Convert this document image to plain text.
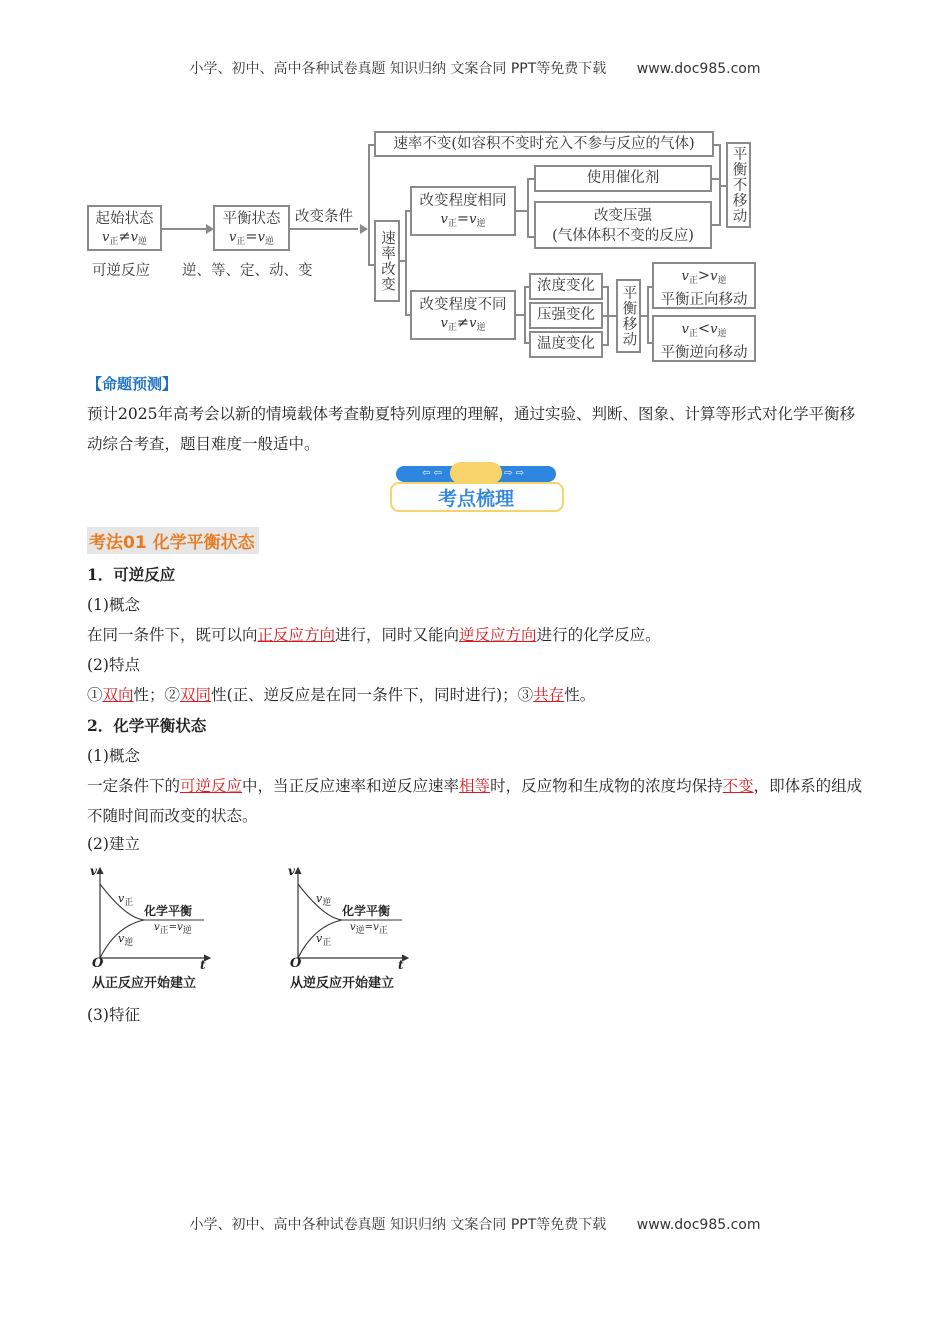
小学、初中、高中各种试卷真题 知识归纳 文案合同 PPT等免费下载 www.doc985.com
起始状态
$v_正\ne v_逆$
可逆反应
平衡状态
$v_正=v_逆$
逆、等、定、动、变
改变条件
速率不变(如容积不变时充入不参与反应的气体)
速率改变
改变程度相同
$v_正=v_逆$
改变程度不同
$v_正\ne v_逆$
使用催化剂
改变压强
(气体体积不变的反应)
平衡不移动
浓度变化
压强变化
温度变化	平衡移动
$v_正>v_逆$
平衡正向移动
$v_正<v_逆$
平衡逆向移动
【命题预测】
预计2025年高考会以新的情境载体考查勒夏特列原理的理解，通过实验、判断、图象、计算等形式对化学平衡移动综合考查，题目难度一般适中。
⇦ ⇦	⇨ ⇨
考点梳理
考法01 化学平衡状态
1．可逆反应
(1)概念
在同一条件下，既可以向正反应方向进行，同时又能向逆反应方向进行的化学反应。
(2)特点
①双向性；②双同性(正、逆反应是在同一条件下，同时进行)；③共存性。
2．化学平衡状态
(1)概念
一定条件下的可逆反应中，当正反应速率和逆反应速率相等时，反应物和生成物的浓度均保持不变，即体系的组成不随时间而改变的状态。
(2)建立
v
t
O
$v_正$
$v_逆$
化学平衡
v正=v逆
从正反应开始建立
v
t
O
$v_逆$
$v_正$
化学平衡
v逆=v正
从逆反应开始建立
(3)特征
小学、初中、高中各种试卷真题 知识归纳 文案合同 PPT等免费下载 www.doc985.com
